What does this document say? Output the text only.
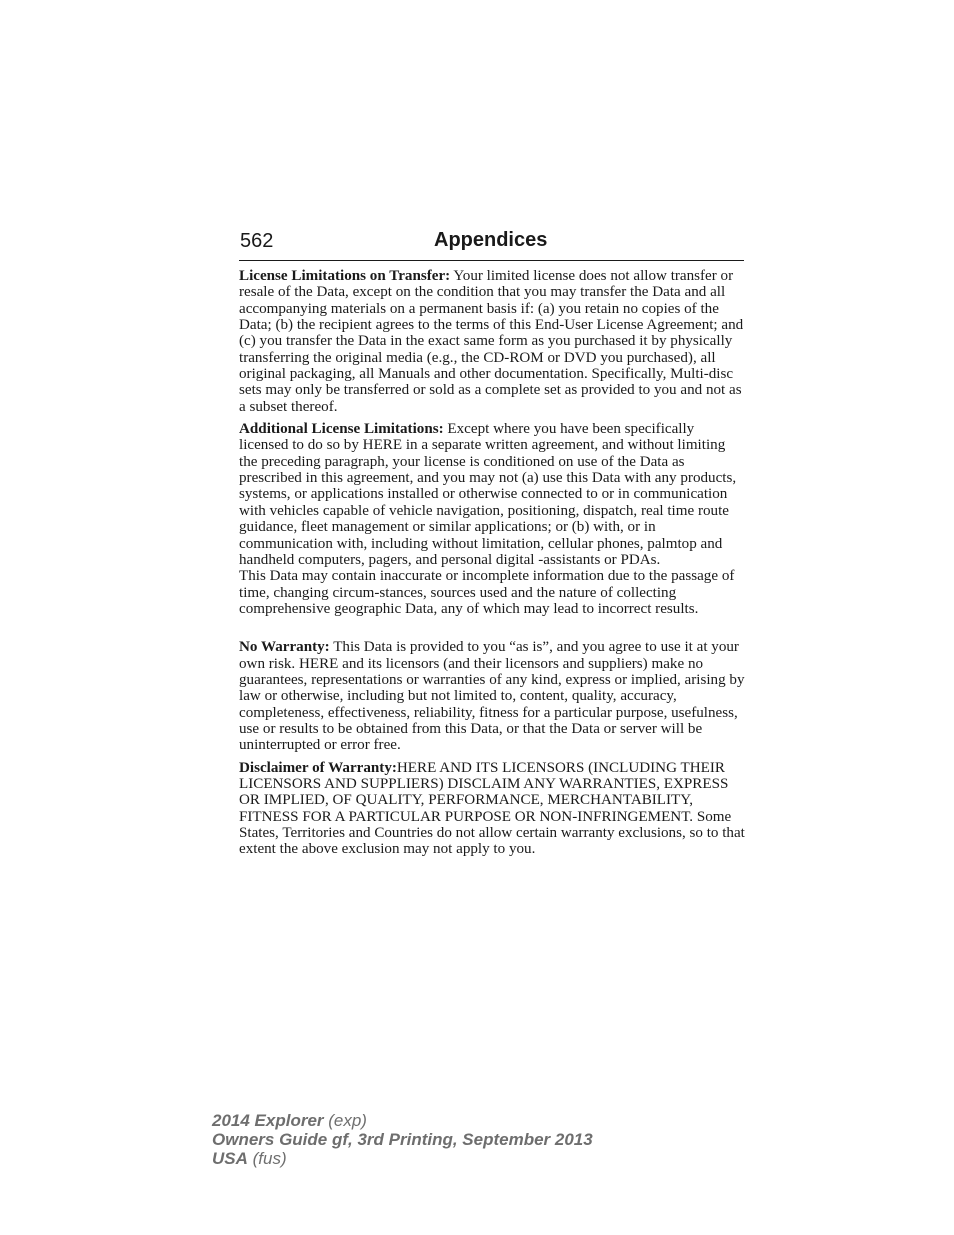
562	Appendices

License Limitations on Transfer: Your limited license does not allow transfer or resale of the Data, except on the condition that you may transfer the Data and all accompanying materials on a permanent basis if: (a) you retain no copies of the Data; (b) the recipient agrees to the terms of this End-User License Agreement; and (c) you transfer the Data in the exact same form as you purchased it by physically transferring the original media (e.g., the CD-ROM or DVD you purchased), all original packaging, all Manuals and other documentation. Specifically, Multi-disc sets may only be transferred or sold as a complete set as provided to you and not as a subset thereof.

Additional License Limitations: Except where you have been specifically licensed to do so by HERE in a separate written agreement, and without limiting the preceding paragraph, your license is conditioned on use of the Data as prescribed in this agreement, and you may not (a) use this Data with any products, systems, or applications installed or otherwise connected to or in communication with vehicles capable of vehicle navigation, positioning, dispatch, real time route guidance, fleet management or similar applications; or (b) with, or in communication with, including without limitation, cellular phones, palmtop and handheld computers, pagers, and personal digital -assistants or PDAs.

This Data may contain inaccurate or incomplete information due to the passage of time, changing circum-stances, sources used and the nature of collecting comprehensive geographic Data, any of which may lead to incorrect results.

No Warranty: This Data is provided to you “as is”, and you agree to use it at your own risk. HERE and its licensors (and their licensors and suppliers) make no guarantees, representations or warranties of any kind, express or implied, arising by law or otherwise, including but not limited to, content, quality, accuracy, completeness, effectiveness, reliability, fitness for a particular purpose, usefulness, use or results to be obtained from this Data, or that the Data or server will be uninterrupted or error free.

Disclaimer of Warranty:HERE AND ITS LICENSORS (INCLUDING THEIR LICENSORS AND SUPPLIERS) DISCLAIM ANY WARRANTIES, EXPRESS OR IMPLIED, OF QUALITY, PERFORMANCE, MERCHANTABILITY, FITNESS FOR A PARTICULAR PURPOSE OR NON-INFRINGEMENT. Some States, Territories and Countries do not allow certain warranty exclusions, so to that extent the above exclusion may not apply to you.

2014 Explorer (exp)
Owners Guide gf, 3rd Printing, September 2013
USA (fus)
